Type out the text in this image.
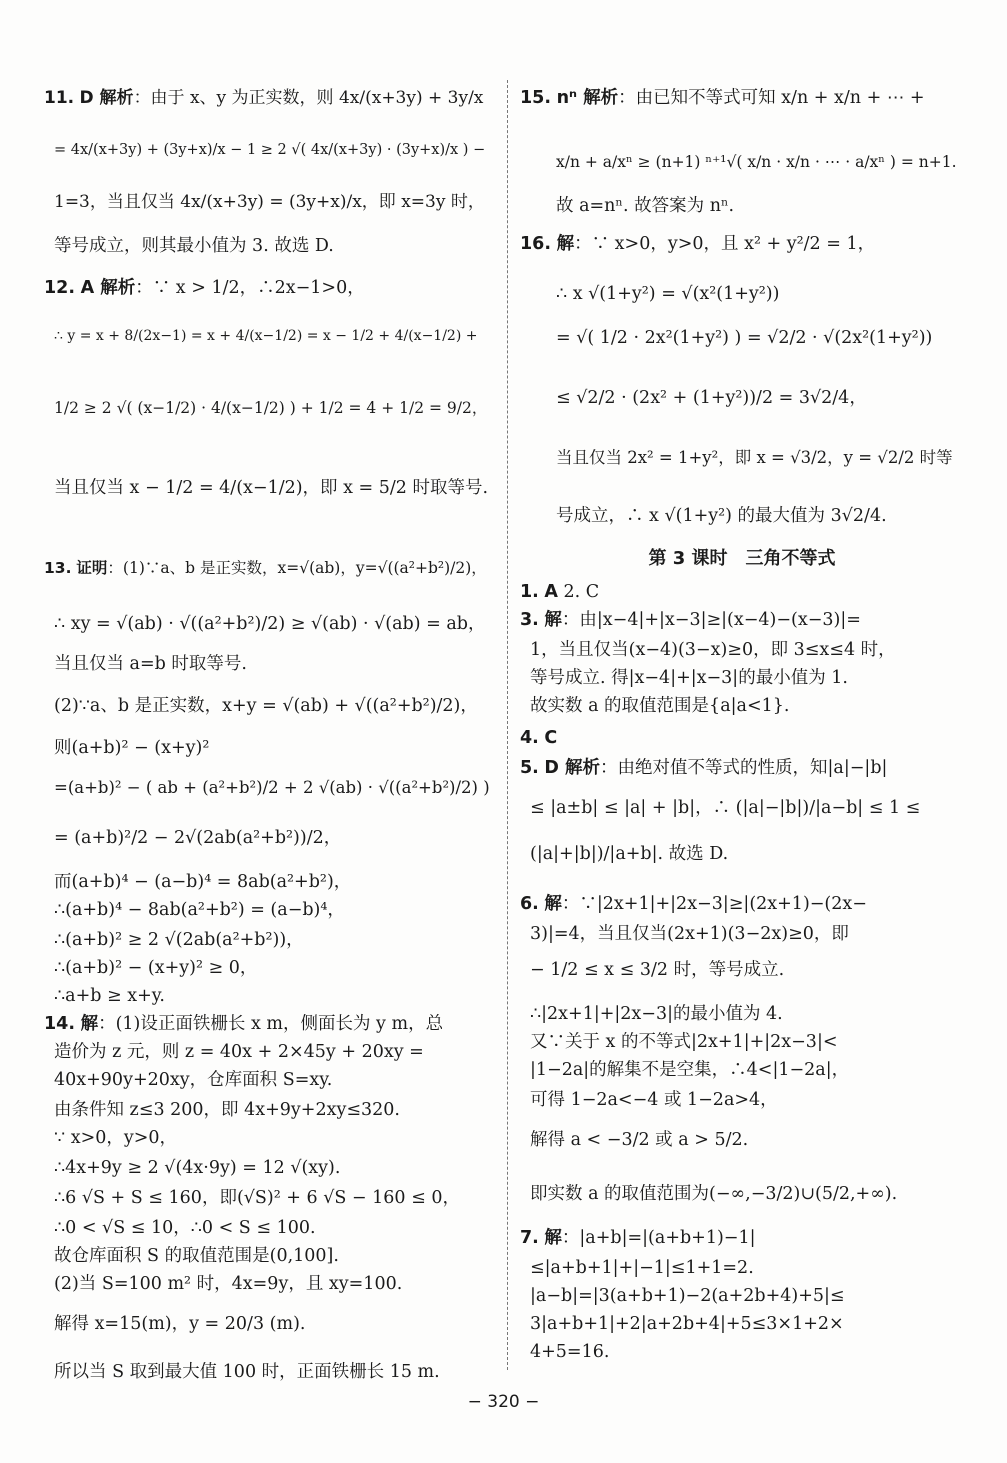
11. D 解析：由于 x、y 为正实数，则 4x/(x+3y) + 3y/x
= 4x/(x+3y) + (3y+x)/x − 1 ≥ 2 √( 4x/(x+3y) · (3y+x)/x ) −
1=3，当且仅当 4x/(x+3y) = (3y+x)/x，即 x=3y 时，
等号成立，则其最小值为 3. 故选 D.
12. A 解析：∵ x > 1/2，∴2x−1>0，
∴ y = x + 8/(2x−1) = x + 4/(x−1/2) = x − 1/2 + 4/(x−1/2) +
1/2 ≥ 2 √( (x−1/2) · 4/(x−1/2) ) + 1/2 = 4 + 1/2 = 9/2，
当且仅当 x − 1/2 = 4/(x−1/2)，即 x = 5/2 时取等号.
13. 证明：(1)∵a、b 是正实数，x=√(ab)，y=√((a²+b²)/2)，
∴ xy = √(ab) · √((a²+b²)/2) ≥ √(ab) · √(ab) = ab，
当且仅当 a=b 时取等号.
(2)∵a、b 是正实数，x+y = √(ab) + √((a²+b²)/2)，
则(a+b)² − (x+y)²
=(a+b)² − ( ab + (a²+b²)/2 + 2 √(ab) · √((a²+b²)/2) )
= (a+b)²/2 − 2√(2ab(a²+b²))/2，
而(a+b)⁴ − (a−b)⁴ = 8ab(a²+b²)，
∴(a+b)⁴ − 8ab(a²+b²) = (a−b)⁴，
∴(a+b)² ≥ 2 √(2ab(a²+b²))，
∴(a+b)² − (x+y)² ≥ 0，
∴a+b ≥ x+y.
14. 解：(1)设正面铁栅长 x m，侧面长为 y m，总
造价为 z 元，则 z = 40x + 2×45y + 20xy =
40x+90y+20xy，仓库面积 S=xy.
由条件知 z≤3 200，即 4x+9y+2xy≤320.
∵ x>0，y>0，
∴4x+9y ≥ 2 √(4x·9y) = 12 √(xy).
∴6 √S + S ≤ 160，即(√S)² + 6 √S − 160 ≤ 0，
∴0 < √S ≤ 10，∴0 < S ≤ 100.
故仓库面积 S 的取值范围是(0,100].
(2)当 S=100 m² 时，4x=9y，且 xy=100.
解得 x=15(m)，y = 20/3 (m).
所以当 S 取到最大值 100 时，正面铁栅长 15 m.
第 3 课时　三角不等式
15. nⁿ 解析：由已知不等式可知 x/n + x/n + ⋯ +
x/n + a/xⁿ ≥ (n+1) ⁿ⁺¹√( x/n · x/n · ⋯ · a/xⁿ ) = n+1.
故 a=nⁿ. 故答案为 nⁿ.
16. 解：∵ x>0，y>0，且 x² + y²/2 = 1，
∴ x √(1+y²) = √(x²(1+y²))
= √( 1/2 · 2x²(1+y²) ) = √2/2 · √(2x²(1+y²))
≤ √2/2 · (2x² + (1+y²))/2 = 3√2/4，
当且仅当 2x² = 1+y²，即 x = √3/2，y = √2/2 时等
号成立，∴ x √(1+y²) 的最大值为 3√2/4.
1. A 2. C
3. 解：由|x−4|+|x−3|≥|(x−4)−(x−3)|=
1，当且仅当(x−4)(3−x)≥0，即 3≤x≤4 时，
等号成立. 得|x−4|+|x−3|的最小值为 1.
故实数 a 的取值范围是{a|a<1}.
4. C
5. D 解析：由绝对值不等式的性质，知|a|−|b|
≤ |a±b| ≤ |a| + |b|，∴ (|a|−|b|)/|a−b| ≤ 1 ≤
(|a|+|b|)/|a+b|. 故选 D.
6. 解：∵|2x+1|+|2x−3|≥|(2x+1)−(2x−
3)|=4，当且仅当(2x+1)(3−2x)≥0，即
− 1/2 ≤ x ≤ 3/2 时，等号成立.
∴|2x+1|+|2x−3|的最小值为 4.
又∵关于 x 的不等式|2x+1|+|2x−3|<
|1−2a|的解集不是空集，∴4<|1−2a|，
可得 1−2a<−4 或 1−2a>4，
解得 a < −3/2 或 a > 5/2.
即实数 a 的取值范围为(−∞,−3/2)∪(5/2,+∞).
7. 解：|a+b|=|(a+b+1)−1|
≤|a+b+1|+|−1|≤1+1=2.
|a−b|=|3(a+b+1)−2(a+2b+4)+5|≤
3|a+b+1|+2|a+2b+4|+5≤3×1+2×
4+5=16.
− 320 −
